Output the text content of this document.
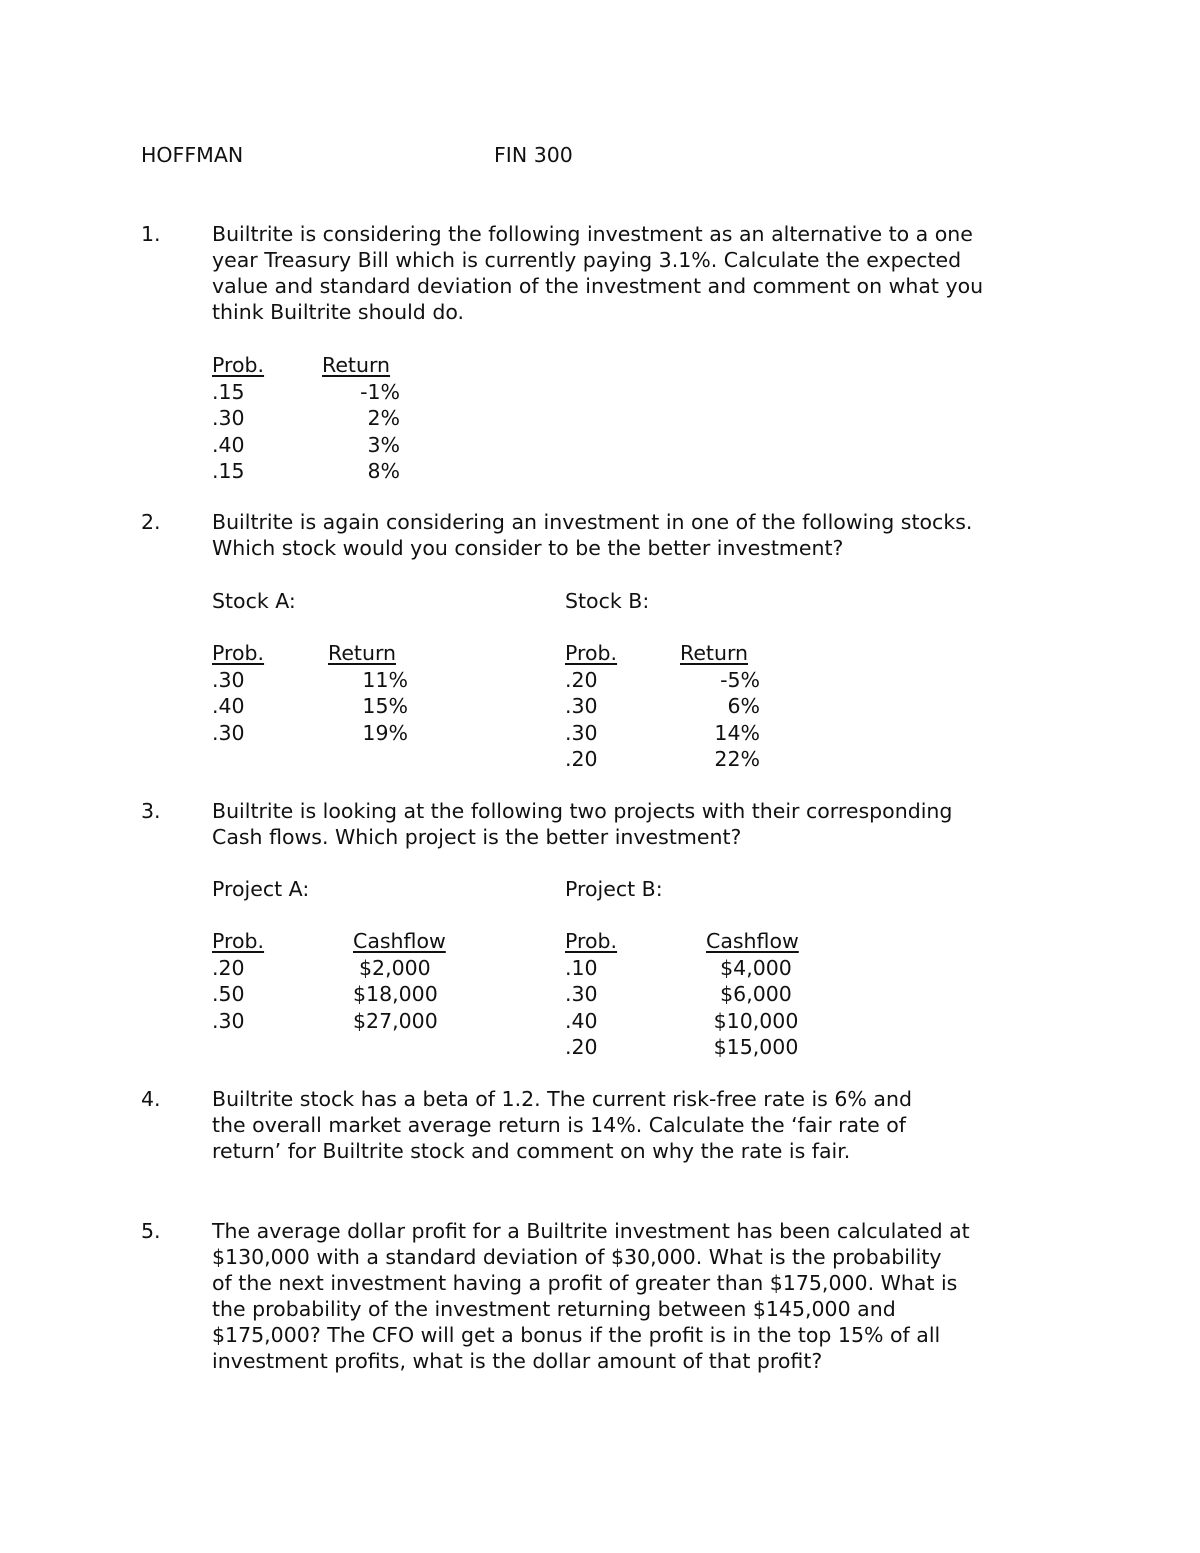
HOFFMAN	FIN 300
1.	Builtrite is considering the following investment as an alternative to a one

year Treasury Bill which is currently paying 3.1%. Calculate the expected

value and standard deviation of the investment and comment on what you

think Builtrite should do.

Prob.	Return
.15	-1%
.30	2%
.40	3%
.15	8%
2.	Builtrite is again considering an investment in one of the following stocks.

Which stock would you consider to be the better investment?

Stock A:	Stock B:
Prob.	Return
.30	11%
.40	15%
.30	19%
Prob.	Return
.20	-5%
.30	6%
.30	14%
.20	22%
3.	Builtrite is looking at the following two projects with their corresponding

Cash flows. Which project is the better investment?

Project A:	Project B:
Prob.	Cashflow
.20	$2,000
.50	$18,000
.30	$27,000
Prob.	Cashflow
.10	$4,000
.30	$6,000
.40	$10,000
.20	$15,000
4.	Builtrite stock has a beta of 1.2. The current risk-free rate is 6% and

the overall market average return is 14%. Calculate the ‘fair rate of

return’ for Builtrite stock and comment on why the rate is fair.

5.	The average dollar profit for a Builtrite investment has been calculated at

$130,000 with a standard deviation of $30,000. What is the probability

of the next investment having a profit of greater than $175,000. What is

the probability of the investment returning between $145,000 and

$175,000? The CFO will get a bonus if the profit is in the top 15% of all

investment profits, what is the dollar amount of that profit?
